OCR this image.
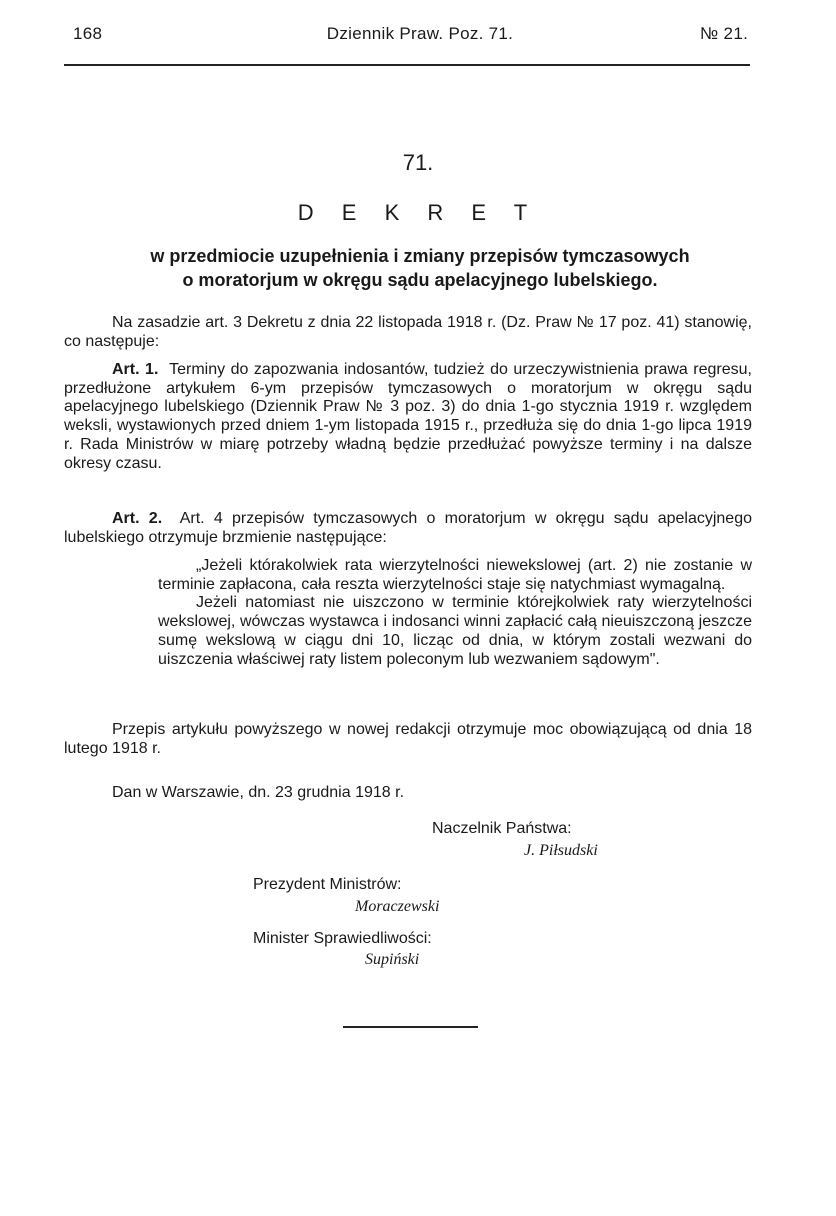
168	Dziennik Praw. Poz. 71.	№ 21.
71.
D E K R E T
w przedmiocie uzupełnienia i zmiany przepisów tymczasowych
o moratorjum w okręgu sądu apelacyjnego lubelskiego.

Na zasadzie art. 3 Dekretu z dnia 22 listopada 1918 r. (Dz. Praw № 17 poz. 41) stanowię, co następuje:

Art. 1. Terminy do zapozwania indosantów, tudzież do urzeczywistnienia prawa regresu, przedłużone artykułem 6-ym przepisów tymczasowych o moratorjum w okręgu sądu apelacyjnego lubelskiego (Dziennik Praw № 3 poz. 3) do dnia 1-go stycznia 1919 r. względem weksli, wystawionych przed dniem 1-ym listopada 1915 r., przedłuża się do dnia 1-go lipca 1919 r. Rada Ministrów w miarę potrzeby władną będzie przedłużać powyższe terminy i na dalsze okresy czasu.

Art. 2. Art. 4 przepisów tymczasowych o moratorjum w okręgu sądu apelacyjnego lubelskiego otrzymuje brzmienie następujące:

„Jeżeli którakolwiek rata wierzytelności niewekslowej (art. 2) nie zostanie w terminie zapłacona, cała reszta wierzytelności staje się natychmiast wymagalną.

Jeżeli natomiast nie uiszczono w terminie którejkolwiek raty wierzytelności wekslowej, wówczas wystawca i indosanci winni zapłacić całą nieuiszczoną jeszcze sumę wekslową w ciągu dni 10, licząc od dnia, w którym zostali wezwani do uiszczenia właściwej raty listem poleconym lub wezwaniem sądowym".

Przepis artykułu powyższego w nowej redakcji otrzymuje moc obowiązującą od dnia 18 lutego 1918 r.

Dan w Warszawie, dn. 23 grudnia 1918 r.

Naczelnik Państwa:
J. Piłsudski
Prezydent Ministrów:
Moraczewski
Minister Sprawiedliwości:
Supiński
